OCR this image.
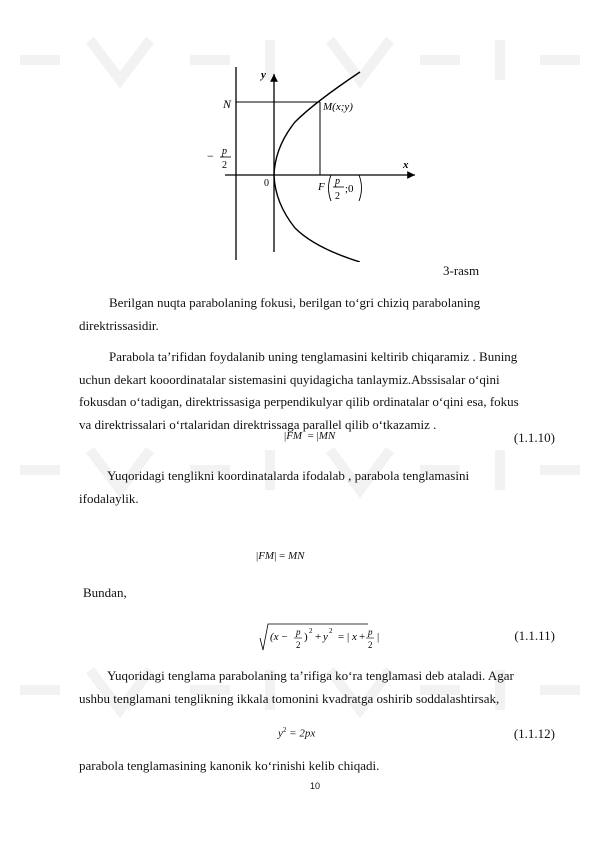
y
x
N	M(x;y)
− p
2
0	F p
2
;0
3-rasm
Berilgan nuqta parabolaning fokusi, berilgan to‘gri chiziq parabolaning
direktrissasidir.
Parabola ta’rifidan foydalanib uning tenglamasini keltirib chiqaramiz . Buning
uchun dekart kooordinatalar sistemasini quyidagicha tanlaymiz.Abssisalar o‘qini
fokusdan o‘tadigan, direktrissasiga perpendikulyar qilib ordinatalar o‘qini esa, fokus
va direktrissalari o‘rtalaridan direktrissaga parallel qilib o‘tkazamiz .
|FM = |MN	(1.1.10)
Yuqoridagi tenglikni koordinatalarda ifodalab , parabola tenglamasini
ifodalaylik.
|FM| = MN
Bundan,
(x − p
2
) 2 + y 2 = | x + p
2
|	(1.1.11)
Yuqoridagi tenglama parabolaning ta’rifiga ko‘ra tenglamasi deb ataladi. Agar
ushbu tenglamani tenglikning ikkala tomonini kvadratga oshirib soddalashtirsak,
$y^2 = 2px$	(1.1.12)
parabola tenglamasining kanonik ko‘rinishi kelib chiqadi.
10
